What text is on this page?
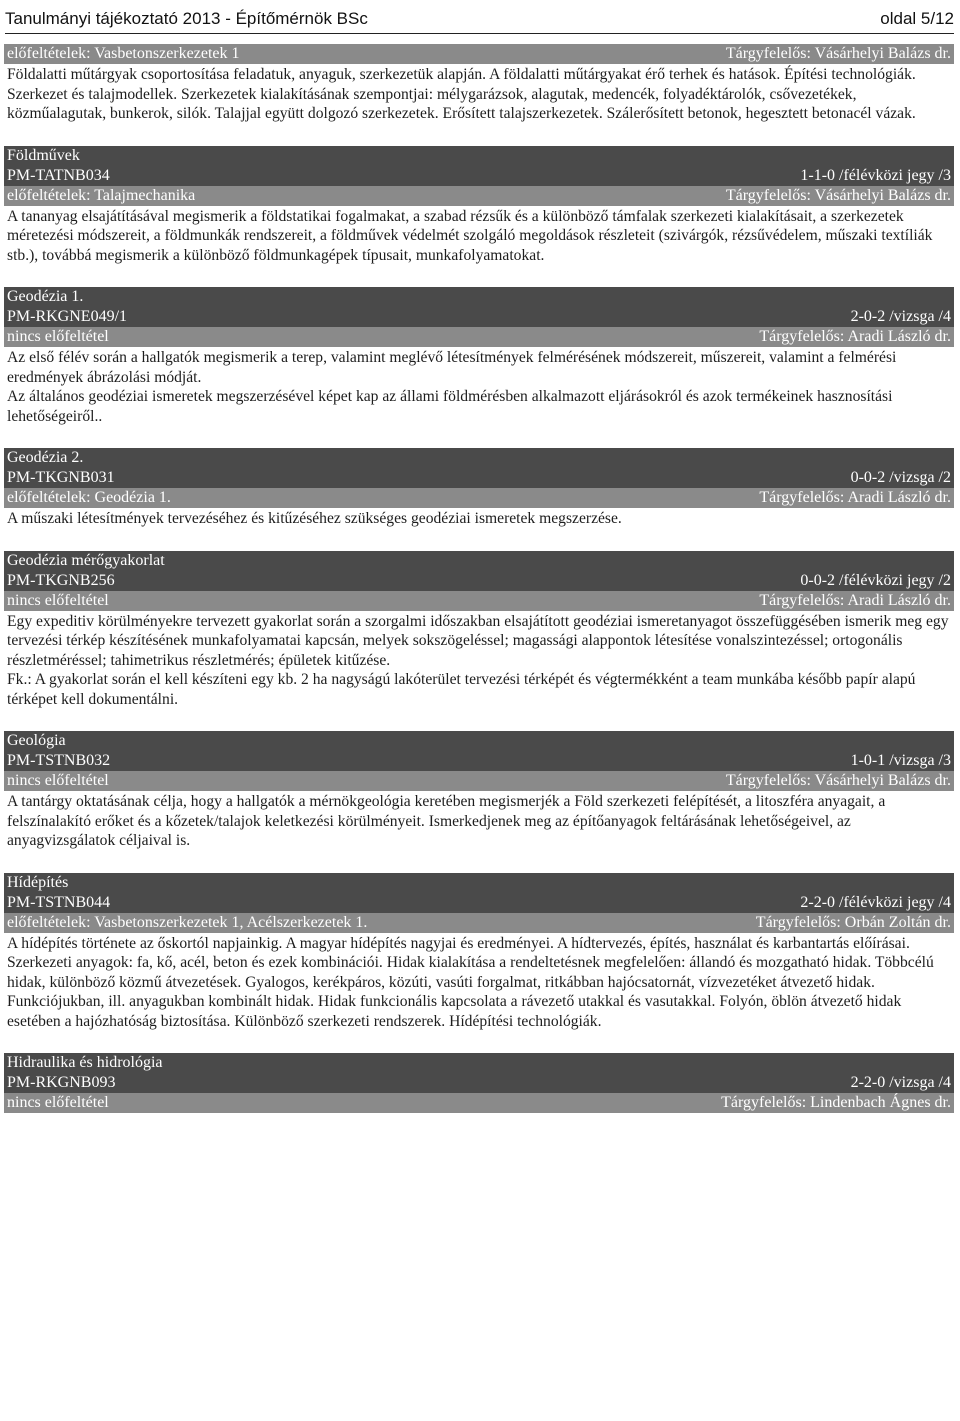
Tanulmányi tájékoztató 2013 - Építőmérnök BSc	oldal 5/12
előfeltételek: Vasbetonszerkezetek 1	Tárgyfelelős: Vásárhelyi Balázs dr.

Földalatti műtárgyak csoportosítása feladatuk, anyaguk, szerkezetük alapján. A földalatti műtárgyakat érő terhek és hatások. Építési technológiák. Szerkezet és talajmodellek. Szerkezetek kialakításának szempontjai: mélygarázsok, alagutak, medencék, folyadéktárolók, csővezetékek, közműalagutak, bunkerok, silók. Talajjal együtt dolgozó szerkezetek. Erősített talajszerkezetek. Szálerősített betonok, hegesztett betonacél vázak.

Földművek
PM-TATNB034	1-1-0 /félévközi jegy /3
előfeltételek: Talajmechanika	Tárgyfelelős: Vásárhelyi Balázs dr.

A tananyag elsajátításával megismerik a földstatikai fogalmakat, a szabad rézsűk és a különböző támfalak szerkezeti kialakításait, a szerkezetek méretezési módszereit, a földmunkák rendszereit, a földművek védelmét szolgáló megoldások részleteit (szivárgók, rézsűvédelem, műszaki textíliák stb.), továbbá megismerik a különböző földmunkagépek típusait, munkafolyamatokat.

Geodézia 1.
PM-RKGNE049/1	2-0-2 /vizsga /4
nincs előfeltétel	Tárgyfelelős: Aradi László dr.

Az első félév során a hallgatók megismerik a terep, valamint meglévő létesítmények felmérésének módszereit, műszereit, valamint a felmérési eredmények ábrázolási módját.

Az általános geodéziai ismeretek megszerzésével képet kap az állami földmérésben alkalmazott eljárásokról és azok termékeinek hasznosítási lehetőségeiről..

Geodézia 2.
PM-TKGNB031	0-0-2 /vizsga /2
előfeltételek: Geodézia 1.	Tárgyfelelős: Aradi László dr.

A műszaki létesítmények tervezéséhez és kitűzéséhez szükséges geodéziai ismeretek megszerzése.

Geodézia mérőgyakorlat
PM-TKGNB256	0-0-2 /félévközi jegy /2
nincs előfeltétel	Tárgyfelelős: Aradi László dr.

Egy expeditiv körülményekre tervezett gyakorlat során a szorgalmi időszakban elsajátított geodéziai ismeretanyagot összefüggésében ismerik meg egy tervezési térkép készítésének munkafolyamatai kapcsán, melyek sokszögeléssel; magassági alappontok létesítése vonalszintezéssel; ortogonális részletméréssel; tahimetrikus részletmérés; épületek kitűzése.

Fk.: A gyakorlat során el kell készíteni egy kb. 2 ha nagyságú lakóterület tervezési térképét és végtermékként a team munkába később papír alapú térképet kell dokumentálni.

Geológia
PM-TSTNB032	1-0-1 /vizsga /3
nincs előfeltétel	Tárgyfelelős: Vásárhelyi Balázs dr.

A tantárgy oktatásának célja, hogy a hallgatók a mérnökgeológia keretében megismerjék a Föld szerkezeti felépítését, a litoszféra anyagait, a felszínalakító erőket és a kőzetek/talajok keletkezési körülményeit. Ismerkedjenek meg az építőanyagok feltárásának lehetőségeivel, az anyagvizsgálatok céljaival is.

Hídépítés
PM-TSTNB044	2-2-0 /félévközi jegy /4
előfeltételek: Vasbetonszerkezetek 1, Acélszerkezetek 1.	Tárgyfelelős: Orbán Zoltán dr.

A hídépítés története az őskortól napjainkig. A magyar hídépítés nagyjai és eredményei. A hídtervezés, építés, használat és karbantartás előírásai. Szerkezeti anyagok: fa, kő, acél, beton és ezek kombinációi. Hidak kialakítása a rendeltetésnek megfelelően: állandó és mozgatható hidak. Többcélú hidak, különböző közmű átvezetések. Gyalogos, kerékpáros, közúti, vasúti forgalmat, ritkábban hajócsatornát, vízvezetéket átvezető hidak. Funkciójukban, ill. anyagukban kombinált hidak. Hidak funkcionális kapcsolata a rávezető utakkal és vasutakkal. Folyón, öblön átvezető hidak esetében a hajózhatóság biztosítása. Különböző szerkezeti rendszerek. Hídépítési technológiák.

Hidraulika és hidrológia
PM-RKGNB093	2-2-0 /vizsga /4
nincs előfeltétel	Tárgyfelelős: Lindenbach Ágnes dr.
